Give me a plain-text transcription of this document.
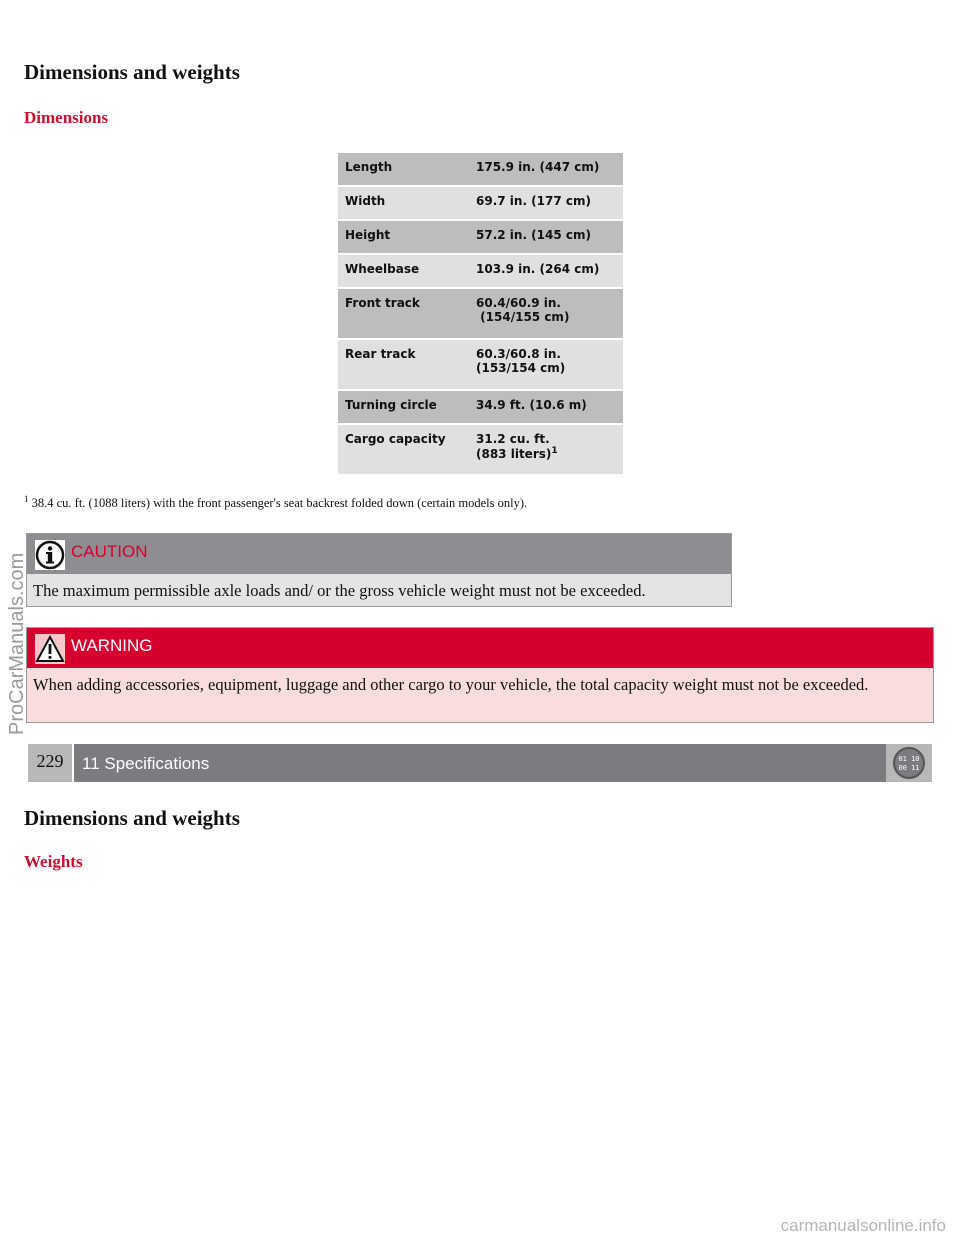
Dimensions and weights
Dimensions
Length	175.9 in. (447 cm)
Width	69.7 in. (177 cm)
Height	57.2 in. (145 cm)
Wheelbase	103.9 in. (264 cm)
Front track	60.4/60.9 in.
(154/155 cm)

Rear track	60.3/60.8 in.
(153/154 cm)

Turning circle	34.9 ft. (10.6 m)
Cargo capacity	31.2 cu. ft.
(883 liters)$^1$
$^1$ 38.4 cu. ft. (1088 liters) with the front passenger's seat backrest folded down (certain models only).
CAUTION
The maximum permissible axle loads and/ or the gross vehicle weight must not be exceeded.
WARNING
When adding accessories, equipment, luggage and other cargo to your vehicle, the total capacity weight must not be exceeded.
229	11 Specifications	01 10
00 11
ProCarManuals.com
Dimensions and weights
Weights
carmanualsonline.info
